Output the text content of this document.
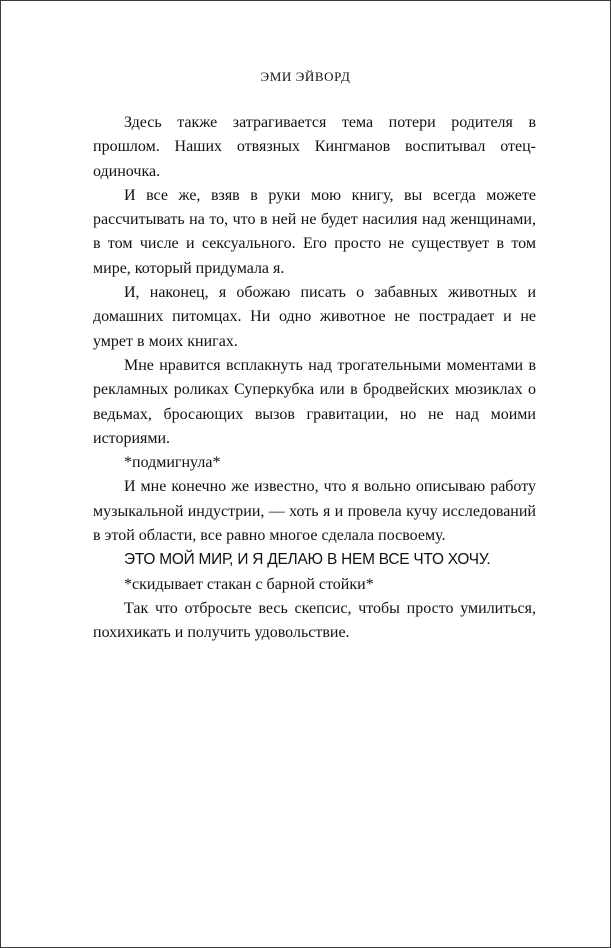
ЭМИ ЭЙВОРД

Здесь также затрагивается тема потери родителя в прошлом. Наших отвязных Кингманов воспитывал отец-одиночка.

И все же, взяв в руки мою книгу, вы всегда можете рассчитывать на то, что в ней не будет насилия над женщинами, в том числе и сексуального. Его просто не существует в том мире, который придумала я.

И, наконец, я обожаю писать о забавных животных и домашних питомцах. Ни одно животное не пострадает и не умрет в моих книгах.

Мне нравится всплакнуть над трогательными моментами в рекламных роликах Суперкубка или в бродвейских мюзиклах о ведьмах, бросающих вызов гравитации, но не над моими историями.

*подмигнула*

И мне конечно же известно, что я вольно описываю работу музыкальной индустрии, — хоть я и провела кучу исследований в этой области, все равно многое сделала посвоему.

ЭТО МОЙ МИР, И Я ДЕЛАЮ В НЕМ ВСЕ ЧТО ХОЧУ.

*скидывает стакан с барной стойки*

Так что отбросьте весь скепсис, чтобы просто умилиться, похихикать и получить удовольствие.
